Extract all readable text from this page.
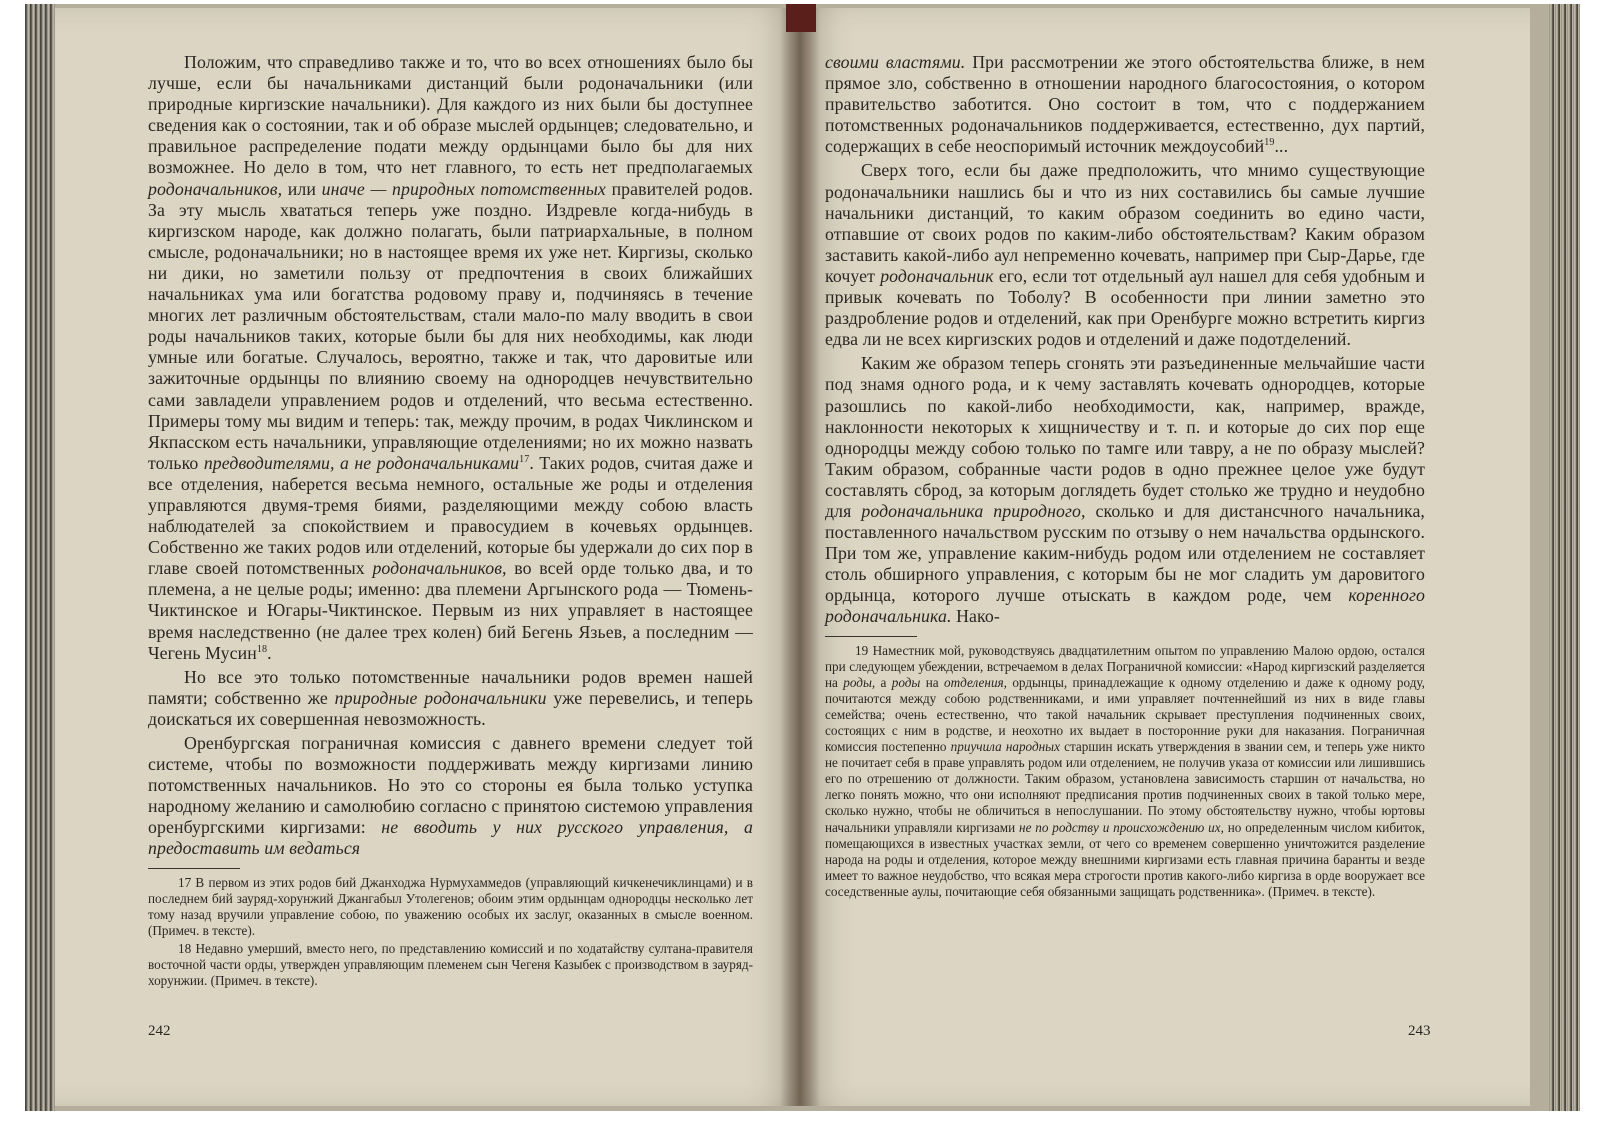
Положим, что справедливо также и то, что во всех отношениях было бы лучше, если бы начальниками дистанций были родоначальники (или природные киргизские начальники). Для каждого из них были бы доступнее сведения как о состоянии, так и об образе мыслей ордынцев; следовательно, и правильное распределение подати между ордынцами было бы для них возможнее. Но дело в том, что нет главного, то есть нет предполагаемых родоначальников, или иначе — природных потомственных правителей родов. За эту мысль хвататься теперь уже поздно. Издревле когда-нибудь в киргизском народе, как должно полагать, были патриархальные, в полном смысле, родоначальники; но в настоящее время их уже нет. Киргизы, сколько ни дики, но заметили пользу от предпочтения в своих ближайших начальниках ума или богатства родовому праву и, подчиняясь в течение многих лет различным обстоятельствам, стали мало-по малу вводить в свои роды начальников таких, которые были бы для них необходимы, как люди умные или богатые. Случалось, вероятно, также и так, что даровитые или зажиточные ордынцы по влиянию своему на однородцев нечувствительно сами завладели управлением родов и отделений, что весьма естественно. Примеры тому мы видим и теперь: так, между прочим, в родах Чиклинском и Якпасском есть начальники, управляющие отделениями; но их можно назвать только предводителями, а не родоначальниками$^{17}$. Таких родов, считая даже и все отделения, наберется весьма немного, остальные же роды и отделения управляются двумя-тремя биями, разделяющими между собою власть наблюдателей за спокойствием и правосудием в кочевьях ордынцев. Собственно же таких родов или отделений, которые бы удержали до сих пор в главе своей потомственных родоначальников, во всей орде только два, и то племена, а не целые роды; именно: два племени Аргынского рода — Тюмень-Чиктинское и Югары-Чиктинское. Первым из них управляет в настоящее время наследственно (не далее трех колен) бий Бегень Язьев, а последним — Чегень Мусин$^{18}$.

Но все это только потомственные начальники родов времен нашей памяти; собственно же природные родоначальники уже перевелись, и теперь доискаться их совершенная невозможность.

Оренбургская пограничная комиссия с давнего времени следует той системе, чтобы по возможности поддерживать между киргизами линию потомственных начальников. Но это со стороны ея была только уступка народному желанию и самолюбию согласно с принятою системою управления оренбургскими киргизами: не вводить у них русского управления, а предоставить им ведаться

17 В первом из этих родов бий Джанходжа Нурмухаммедов (управляющий кичкенечиклинцами) и в последнем бий зауряд-хорунжий Джангабыл Утолегенов; обоим этим ордынцам однородцы несколько лет тому назад вручили управление собою, по уважению особых их заслуг, оказанных в смысле военном. (Примеч. в тексте).

18 Недавно умерший, вместо него, по представлению комиссий и по ходатайству султана-правителя восточной части орды, утвержден управляющим племенем сын Чегеня Казыбек с производством в зауряд-хорунжии. (Примеч. в тексте).

242

своими властями. При рассмотрении же этого обстоятельства ближе, в нем прямое зло, собственно в отношении народного благосостояния, о котором правительство заботится. Оно состоит в том, что с поддержанием потомственных родоначальников поддерживается, естественно, дух партий, содержащих в себе неоспоримый источник междоусобий$^{19}$...

Сверх того, если бы даже предположить, что мнимо существующие родоначальники нашлись бы и что из них составились бы самые лучшие начальники дистанций, то каким образом соединить во едино части, отпавшие от своих родов по каким-либо обстоятельствам? Каким образом заставить какой-либо аул непременно кочевать, например при Сыр-Дарье, где кочует родоначальник его, если тот отдельный аул нашел для себя удобным и привык кочевать по Тоболу? В особенности при линии заметно это раздробление родов и отделений, как при Оренбурге можно встретить киргиз едва ли не всех киргизских родов и отделений и даже подотделений.

Каким же образом теперь сгонять эти разъединенные мельчайшие части под знамя одного рода, и к чему заставлять кочевать однородцев, которые разошлись по какой-либо необходимости, как, например, вражде, наклонности некоторых к хищничеству и т. п. и которые до сих пор еще однородцы между собою только по тамге или тавру, а не по образу мыслей? Таким образом, собранные части родов в одно прежнее целое уже будут составлять сброд, за которым доглядеть будет столько же трудно и неудобно для родоначальника природного, сколько и для дистансчного начальника, поставленного начальством русским по отзыву о нем начальства ордынского. При том же, управление каким-нибудь родом или отделением не составляет столь обширного управления, с которым бы не мог сладить ум даровитого ордынца, которого лучше отыскать в каждом роде, чем коренного родоначальника. Нако-

19 Наместник мой, руководствуясь двадцатилетним опытом по управлению Малою ордою, остался при следующем убеждении, встречаемом в делах Пограничной комиссии: «Народ киргизский разделяется на роды, а роды на отделения, ордынцы, принадлежащие к одному отделению и даже к одному роду, почитаются между собою родственниками, и ими управляет почтеннейший из них в виде главы семейства; очень естественно, что такой начальник скрывает преступления подчиненных своих, состоящих с ним в родстве, и неохотно их выдает в посторонние руки для наказания. Пограничная комиссия постепенно приучила народных старшин искать утверждения в звании сем, и теперь уже никто не почитает себя в праве управлять родом или отделением, не получив указа от комиссии или лишившись его по отрешению от должности. Таким образом, установлена зависимость старшин от начальства, но легко понять можно, что они исполняют предписания против подчиненных своих в такой только мере, сколько нужно, чтобы не обличиться в непослушании. По этому обстоятельству нужно, чтобы юртовы начальники управляли киргизами не по родству и происхождению их, но определенным числом кибиток, помещающихся в известных участках земли, от чего со временем совершенно уничтожится разделение народа на роды и отделения, которое между внешними киргизами есть главная причина баранты и везде имеет то важное неудобство, что всякая мера строгости против какого-либо киргиза в орде вооружает все соседственные аулы, почитающие себя обязанными защищать родственника». (Примеч. в тексте).

243
